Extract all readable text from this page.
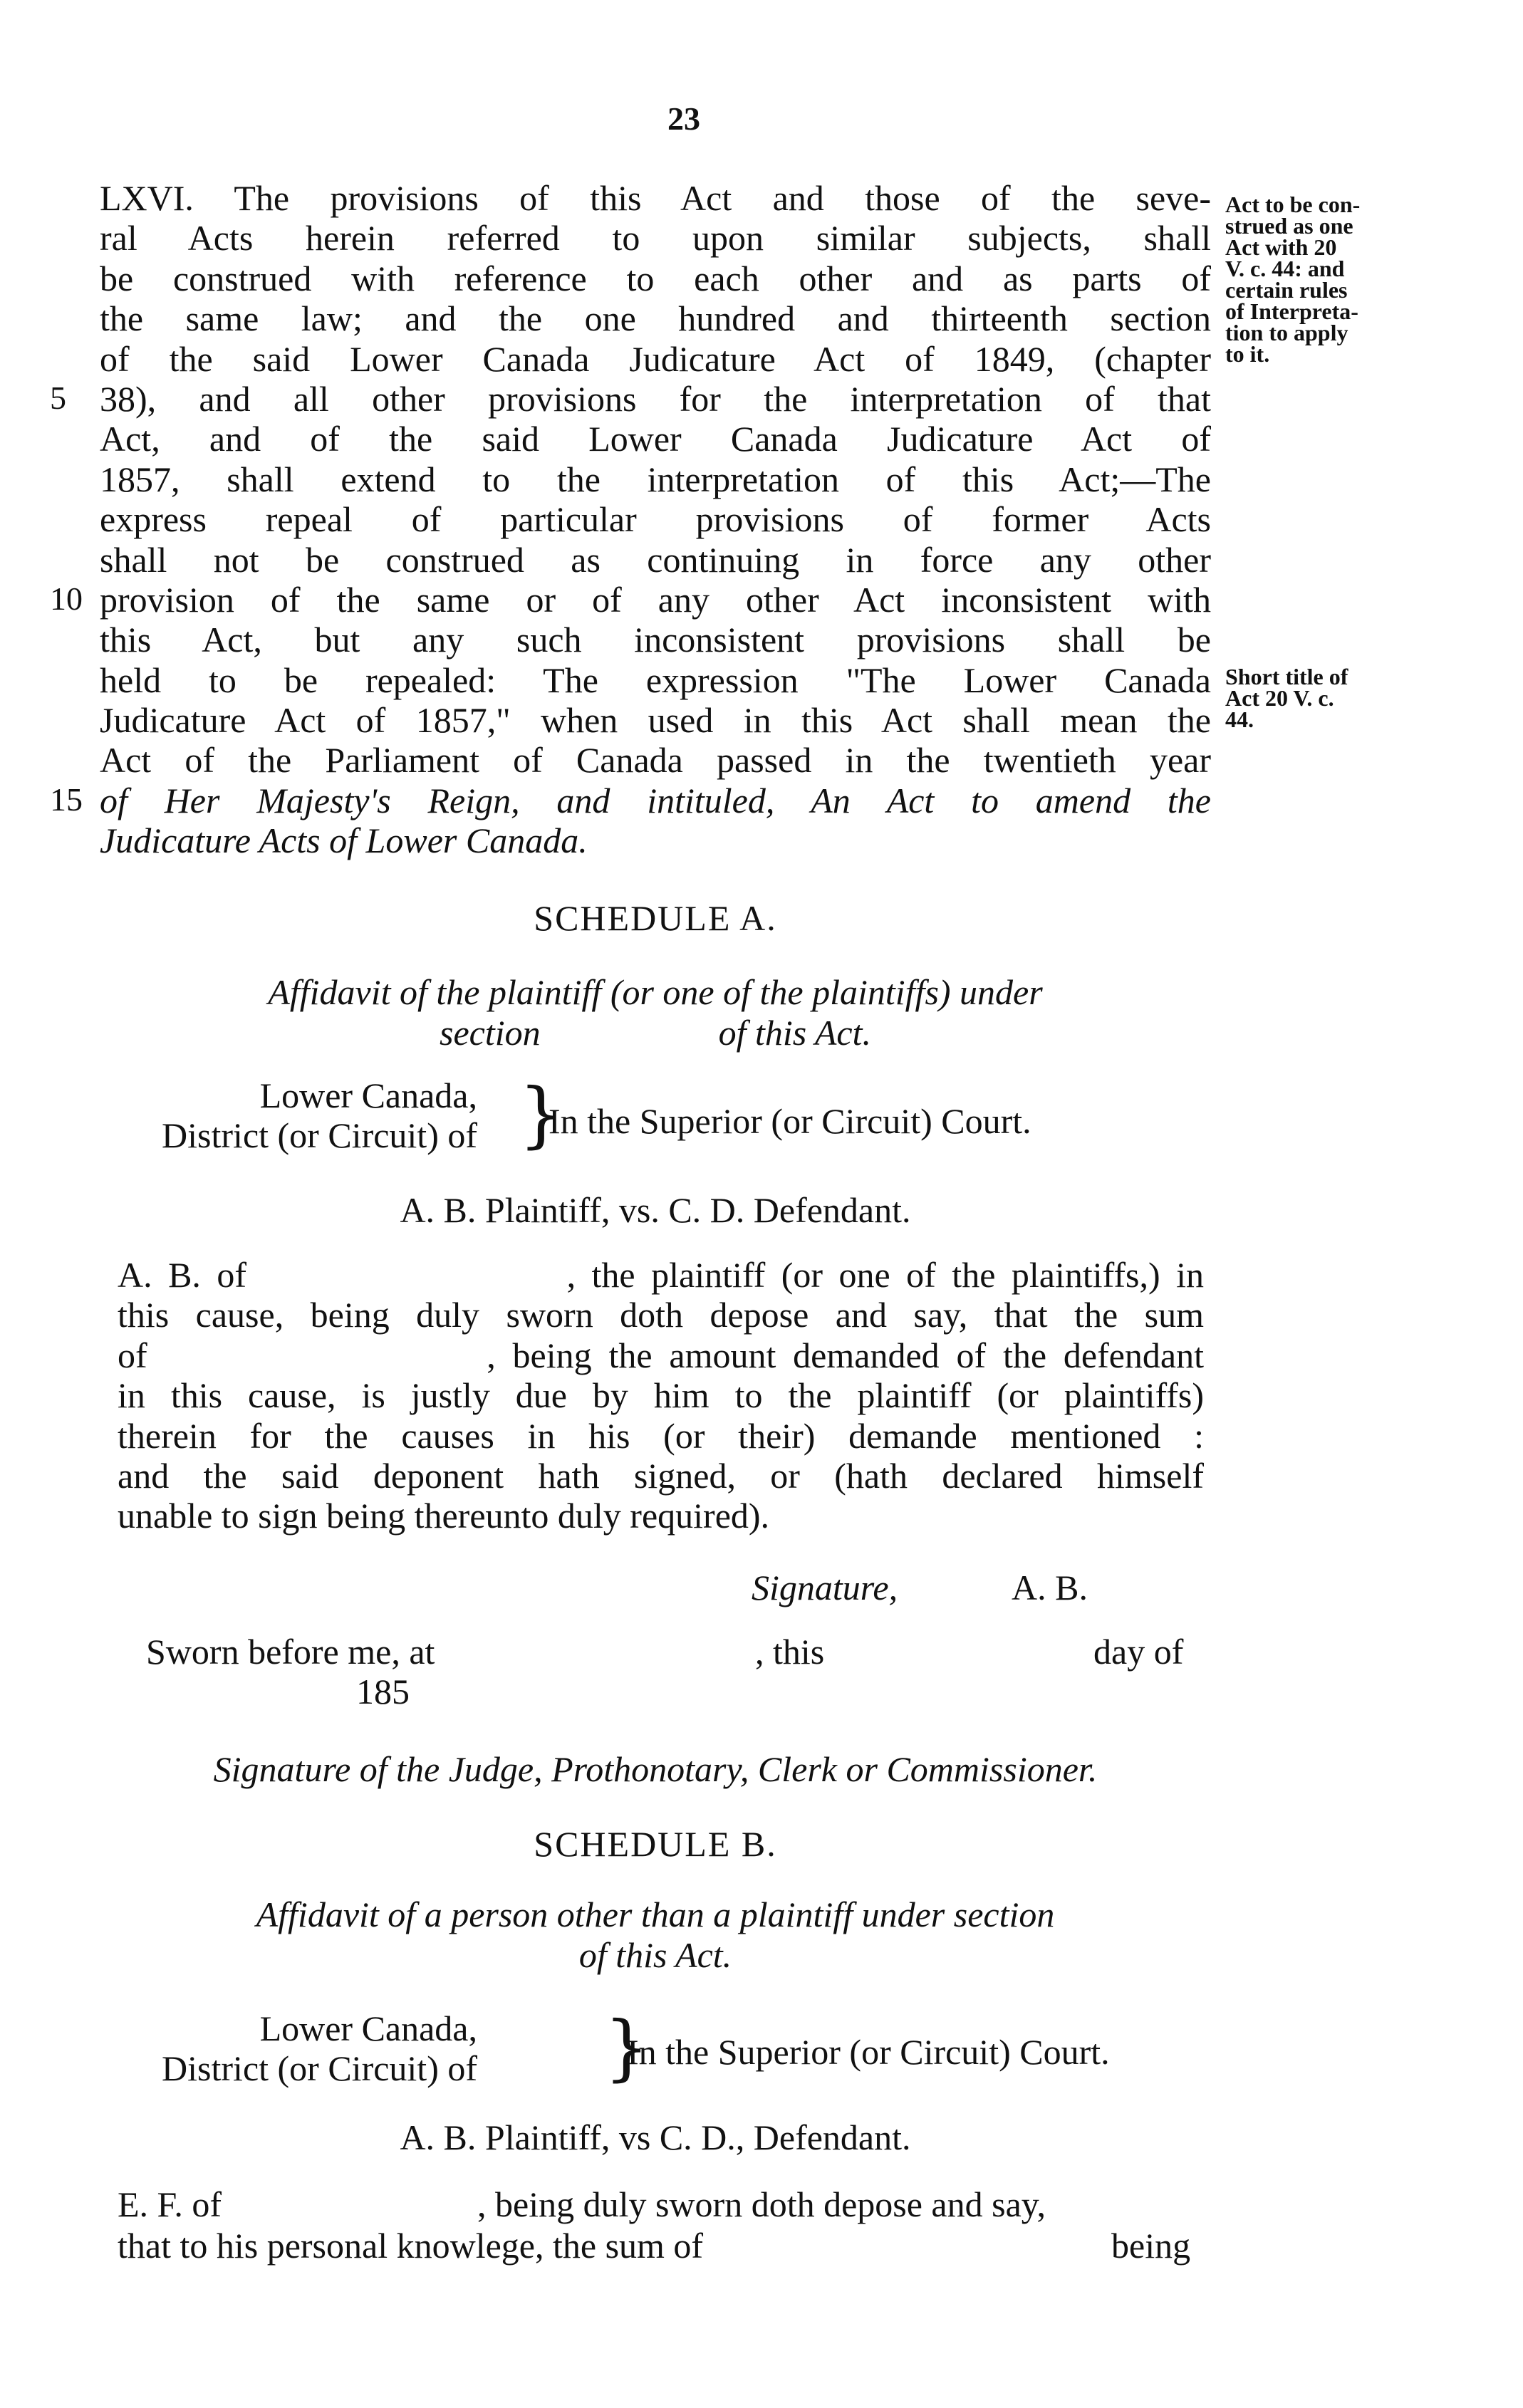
23
LXVI. The provisions of this Act and those of the seve-
ral Acts herein referred to upon similar subjects, shall
be construed with reference to each other and as parts of
the same law; and the one hundred and thirteenth section
of the said Lower Canada Judicature Act of 1849, (chapter
38), and all other provisions for the interpretation of that
Act, and of the said Lower Canada Judicature Act of
1857, shall extend to the interpretation of this Act;—The
express repeal of particular provisions of former Acts
shall not be construed as continuing in force any other
provision of the same or of any other Act inconsistent with
this Act, but any such inconsistent provisions shall be
held to be repealed: The expression "The Lower Canada
Judicature Act of 1857," when used in this Act shall mean the
Act of the Parliament of Canada passed in the twentieth year
of Her Majesty's Reign, and intituled, An Act to amend the
Judicature Acts of Lower Canada.
5
10
15
Act to be con-
strued as one
Act with 20
V. c. 44: and
certain rules
of Interpreta-
tion to apply
to it.
Short title of
Act 20 V. c.
44.
SCHEDULE A.
Affidavit of the plaintiff (or one of the plaintiffs) under
section                    of this Act.
Lower Canada,
District (or Circuit) of }
In the Superior (or Circuit) Court.
A. B. Plaintiff, vs. C. D. Defendant.
A. B. of                    , the plaintiff (or one of the plaintiffs,) in
this cause, being duly sworn doth depose and say, that the sum
of                    , being the amount demanded of the defendant
in this cause, is justly due by him to the plaintiff (or plaintiffs)
therein for the causes in his (or their) demande mentioned :
and the said deponent hath signed, or (hath declared himself
unable to sign being thereunto duly required).
Signature,	A. B.
Sworn before me, at	, this	day of
185
Signature of the Judge, Prothonotary, Clerk or Commissioner.
SCHEDULE B.
Affidavit of a person other than a plaintiff under section
of this Act.
Lower Canada,
District (or Circuit) of }
In the Superior (or Circuit) Court.
A. B. Plaintiff, vs C. D., Defendant.
E. F. of	, being duly sworn doth depose and say,
that to his personal knowlege, the sum of	being
